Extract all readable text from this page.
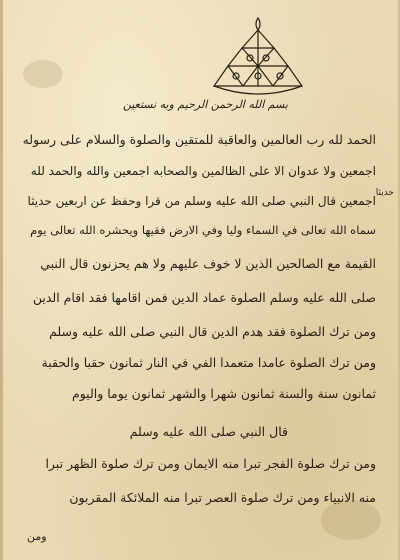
بسم الله الرحمن الرحيم وبه نستعين
الحمد لله رب العالمين والعاقبة للمتقين والصلوة والسلام على رسوله
اجمعين ولا عدوان الا على الظالمين والصحابه اجمعين والله والحمد لله
اجمعين قال النبي صلى الله عليه وسلم من قرا وحفظ عن اربعين حديثا
سماه الله تعالى في السماء وليا وفي الارض فقيها ويحشره الله تعالى يوم
القيمة مع الصالحين الذين لا خوف عليهم ولا هم يحزنون قال النبي
صلى الله عليه وسلم الصلوة عماد الدين فمن اقامها فقد اقام الدين
ومن ترك الصلوة فقد هدم الدين قال النبي صلى الله عليه وسلم
ومن ترك الصلوة عامدا متعمدا الفي في النار ثمانون حقبا والحقبة
ثمانون سنة والسنة ثمانون شهرا والشهر ثمانون يوما واليوم
قال النبي صلى الله عليه وسلم
ومن ترك صلوة الفجر تبرا منه الايمان ومن ترك صلوة الظهر تبرا
منه الانبياء ومن ترك صلوة العصر تبرا منه الملائكة المقربون
حديثا
ومن
